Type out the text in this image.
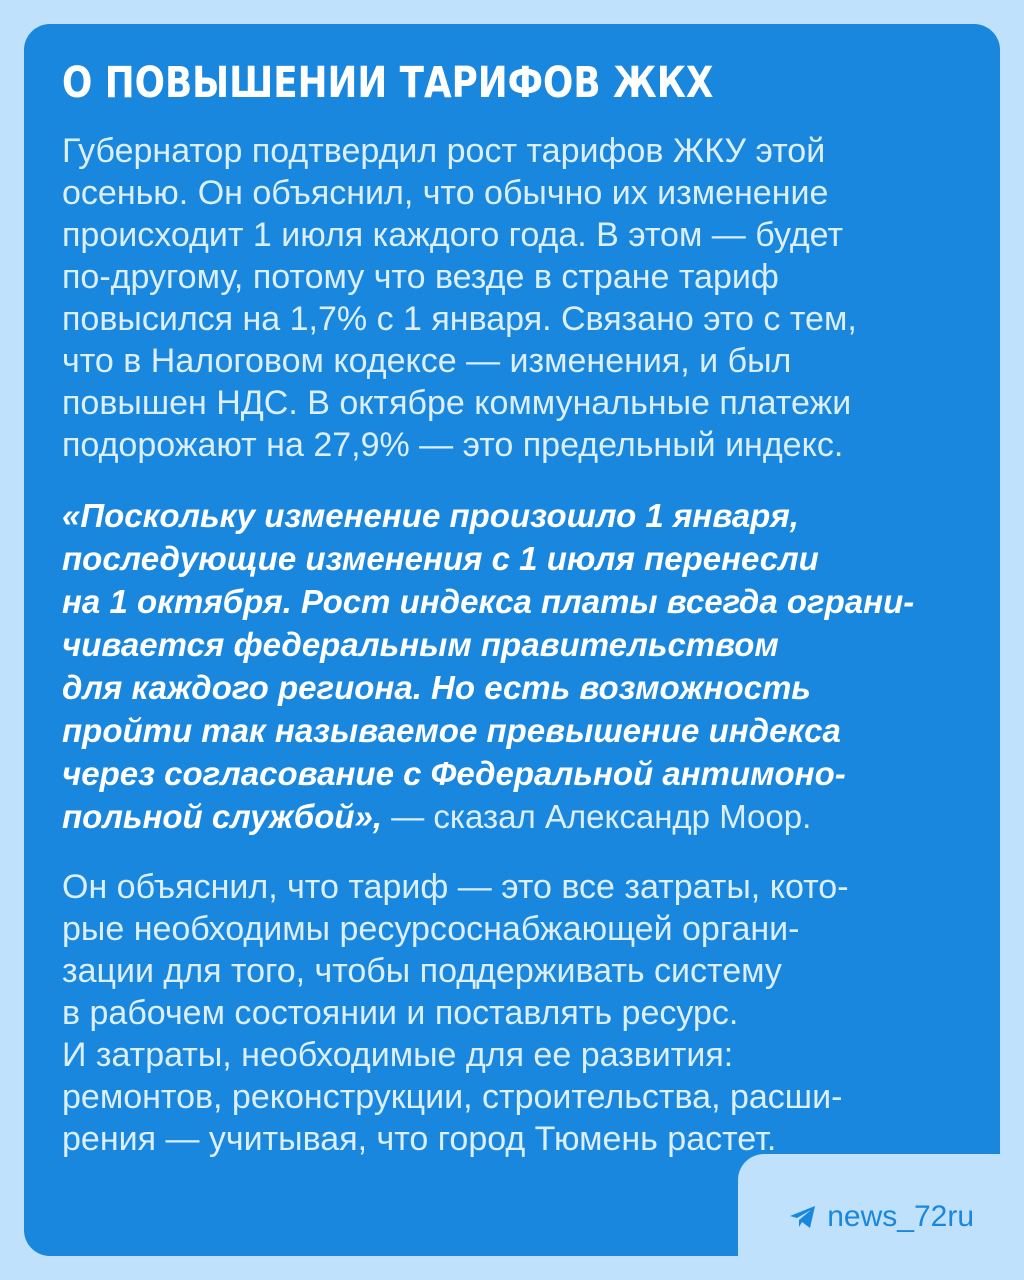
О ПОВЫШЕНИИ ТАРИФОВ ЖКХ
Губернатор подтвердил рост тарифов ЖКУ этой
осенью. Он объяснил, что обычно их изменение
происходит 1 июля каждого года. В этом — будет
по-другому, потому что везде в стране тариф
повысился на 1,7% с 1 января. Связано это с тем,
что в Налоговом кодексе — изменения, и был
повышен НДС. В октябре коммунальные платежи
подорожают на 27,9% — это предельный индекс.
«Поскольку изменение произошло 1 января,
последующие изменения с 1 июля перенесли
на 1 октября. Рост индекса платы всегда ограни-
чивается федеральным правительством
для каждого региона. Но есть возможность
пройти так называемое превышение индекса
через согласование с Федеральной антимоно-
польной службой», — сказал Александр Моор.
Он объяснил, что тариф — это все затраты, кото-
рые необходимы ресурсоснабжающей органи-
зации для того, чтобы поддерживать систему
в рабочем состоянии и поставлять ресурс.
И затраты, необходимые для ее развития:
ремонтов, реконструкции, строительства, расши-
рения — учитывая, что город Тюмень растет.
news_72ru
